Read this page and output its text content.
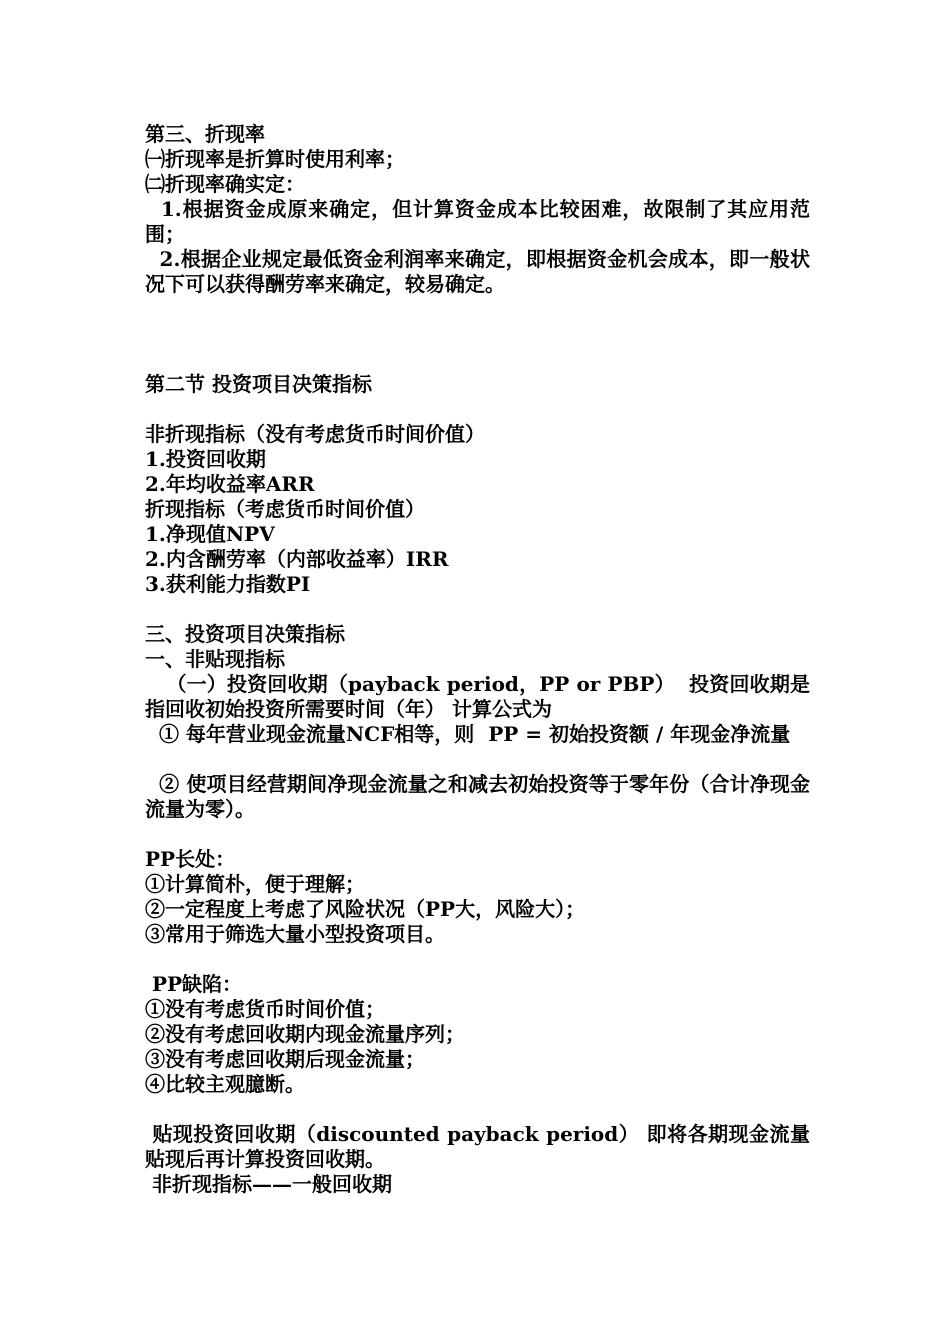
第三、折现率
㈠折现率是折算时使用利率；
㈡折现率确实定：
1.根据资金成原来确定，但计算资金成本比较困难，故限制了其应用范围；
2.根据企业规定最低资金利润率来确定，即根据资金机会成本，即一般状况下可以获得酬劳率来确定，较易确定。
第二节 投资项目决策指标
非折现指标（没有考虑货币时间价值）
1.投资回收期
2.年均收益率ARR
折现指标（考虑货币时间价值）
1.净现值NPV
2.内含酬劳率（内部收益率）IRR
3.获利能力指数PI
三、投资项目决策指标
一、非贴现指标
（一）投资回收期（payback period，PP or PBP）  投资回收期是指回收初始投资所需要时间（年） 计算公式为
① 每年营业现金流量NCF相等，则  PP = 初始投资额 / 年现金净流量
② 使项目经营期间净现金流量之和减去初始投资等于零年份（合计净现金流量为零）。
PP长处：
①计算简朴，便于理解；
②一定程度上考虑了风险状况（PP大，风险大）；
③常用于筛选大量小型投资项目。
PP缺陷：
①没有考虑货币时间价值；
②没有考虑回收期内现金流量序列；
③没有考虑回收期后现金流量；
④比较主观臆断。
贴现投资回收期（discounted payback period） 即将各期现金流量贴现后再计算投资回收期。
非折现指标——一般回收期
